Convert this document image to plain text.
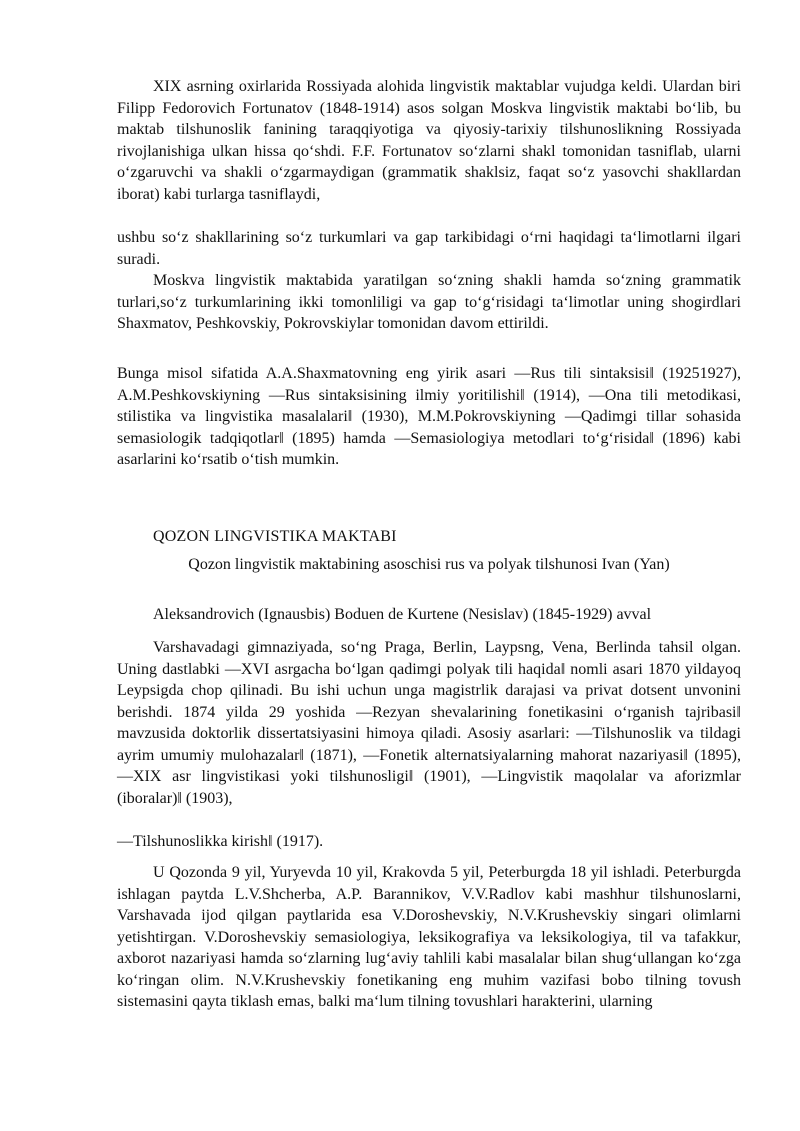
XIX asrning oxirlarida Rossiyada alohida lingvistik maktablar vujudga keldi. Ulardan biri Filipp Fedorovich Fortunatov (1848-1914) asos solgan Moskva lingvistik maktabi bo‘lib, bu maktab tilshunoslik fanining taraqqiyotiga va qiyosiy-tarixiy tilshunoslikning Rossiyada rivojlanishiga ulkan hissa qo‘shdi. F.F. Fortunatov so‘zlarni shakl tomonidan tasniflab, ularni o‘zgaruvchi va shakli o‘zgarmaydigan (grammatik shaklsiz, faqat so‘z yasovchi shakllardan iborat) kabi turlarga tasniflaydi,

ushbu so‘z shakllarining so‘z turkumlari va gap tarkibidagi o‘rni haqidagi ta‘limotlarni ilgari suradi.

Moskva lingvistik maktabida yaratilgan so‘zning shakli hamda so‘zning grammatik turlari,so‘z turkumlarining ikki tomonliligi va gap to‘g‘risidagi ta‘limotlar uning shogirdlari Shaxmatov, Peshkovskiy, Pokrovskiylar tomonidan davom ettirildi.

Bunga misol sifatida A.A.Shaxmatovning eng yirik asari ―Rus tili sintaksisi‖ (19251927), A.M.Peshkovskiyning ―Rus sintaksisining ilmiy yoritilishi‖ (1914), ―Ona tili metodikasi, stilistika va lingvistika masalalari‖ (1930), M.M.Pokrovskiyning ―Qadimgi tillar sohasida semasiologik tadqiqotlar‖ (1895) hamda ―Semasiologiya metodlari to‘g‘risida‖ (1896) kabi asarlarini ko‘rsatib o‘tish mumkin.

QOZON LINGVISTIKA MAKTABI

Qozon lingvistik maktabining asoschisi rus va polyak tilshunosi Ivan (Yan)

Aleksandrovich (Ignausbis) Boduen de Kurtene (Nesislav) (1845-1929) avval

Varshavadagi gimnaziyada, so‘ng Praga, Berlin, Laypsng, Vena, Berlinda tahsil olgan. Uning dastlabki ―XVI asrgacha bo‘lgan qadimgi polyak tili haqida‖ nomli asari 1870 yildayoq Leypsigda chop qilinadi. Bu ishi uchun unga magistrlik darajasi va privat dotsent unvonini berishdi. 1874 yilda 29 yoshida ―Rezyan shevalarining fonetikasini o‘rganish tajribasi‖ mavzusida doktorlik dissertatsiyasini himoya qiladi. Asosiy asarlari: ―Tilshunoslik va tildagi ayrim umumiy mulohazalar‖ (1871), ―Fonetik alternatsiyalarning mahorat nazariyasi‖ (1895), ―XIX asr lingvistikasi yoki tilshunosligi‖ (1901), ―Lingvistik maqolalar va aforizmlar (iboralar)‖ (1903),

―Tilshunoslikka kirish‖ (1917).

U Qozonda 9 yil, Yuryevda 10 yil, Krakovda 5 yil, Peterburgda 18 yil ishladi. Peterburgda ishlagan paytda L.V.Shcherba, A.P. Barannikov, V.V.Radlov kabi mashhur tilshunoslarni, Varshavada ijod qilgan paytlarida esa V.Doroshevskiy, N.V.Krushevskiy singari olimlarni yetishtirgan. V.Doroshevskiy semasiologiya, leksikografiya va leksikologiya, til va tafakkur, axborot nazariyasi hamda so‘zlarning lug‘aviy tahlili kabi masalalar bilan shug‘ullangan ko‘zga ko‘ringan olim. N.V.Krushevskiy fonetikaning eng muhim vazifasi bobo tilning tovush sistemasini qayta tiklash emas, balki ma‘lum tilning tovushlari harakterini, ularning
